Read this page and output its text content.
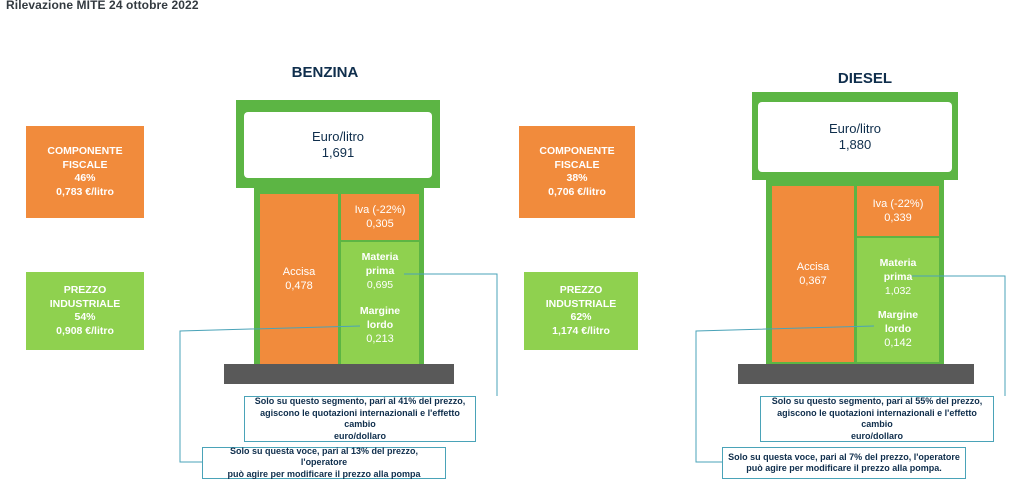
Rilevazione MITE 24 ottobre 2022
BENZINA
COMPONENTE FISCALE
46%
0,783 €/litro
PREZZO INDUSTRIALE
54%
0,908 €/litro
Euro/litro
1,691
Accisa
0,478
Iva (-22%)
0,305
Materia prima
0,695
Margine lordo
0,213
Solo su questo segmento, pari al 41% del prezzo,
agiscono le quotazioni internazionali e l'effetto cambio
euro/dollaro
Solo su questa voce, pari al 13% del prezzo, l'operatore
può agire per modificare il prezzo alla pompa
DIESEL
COMPONENTE FISCALE
38%
0,706 €/litro
PREZZO INDUSTRIALE
62%
1,174 €/litro
Euro/litro
1,880
Accisa
0,367
Iva (-22%)
0,339
Materia prima
1,032
Margine lordo
0,142
Solo su questo segmento, pari al 55% del prezzo,
agiscono le quotazioni internazionali e l'effetto cambio
euro/dollaro
Solo su questa voce, pari al 7% del prezzo, l'operatore
può agire per modificare il prezzo alla pompa.
